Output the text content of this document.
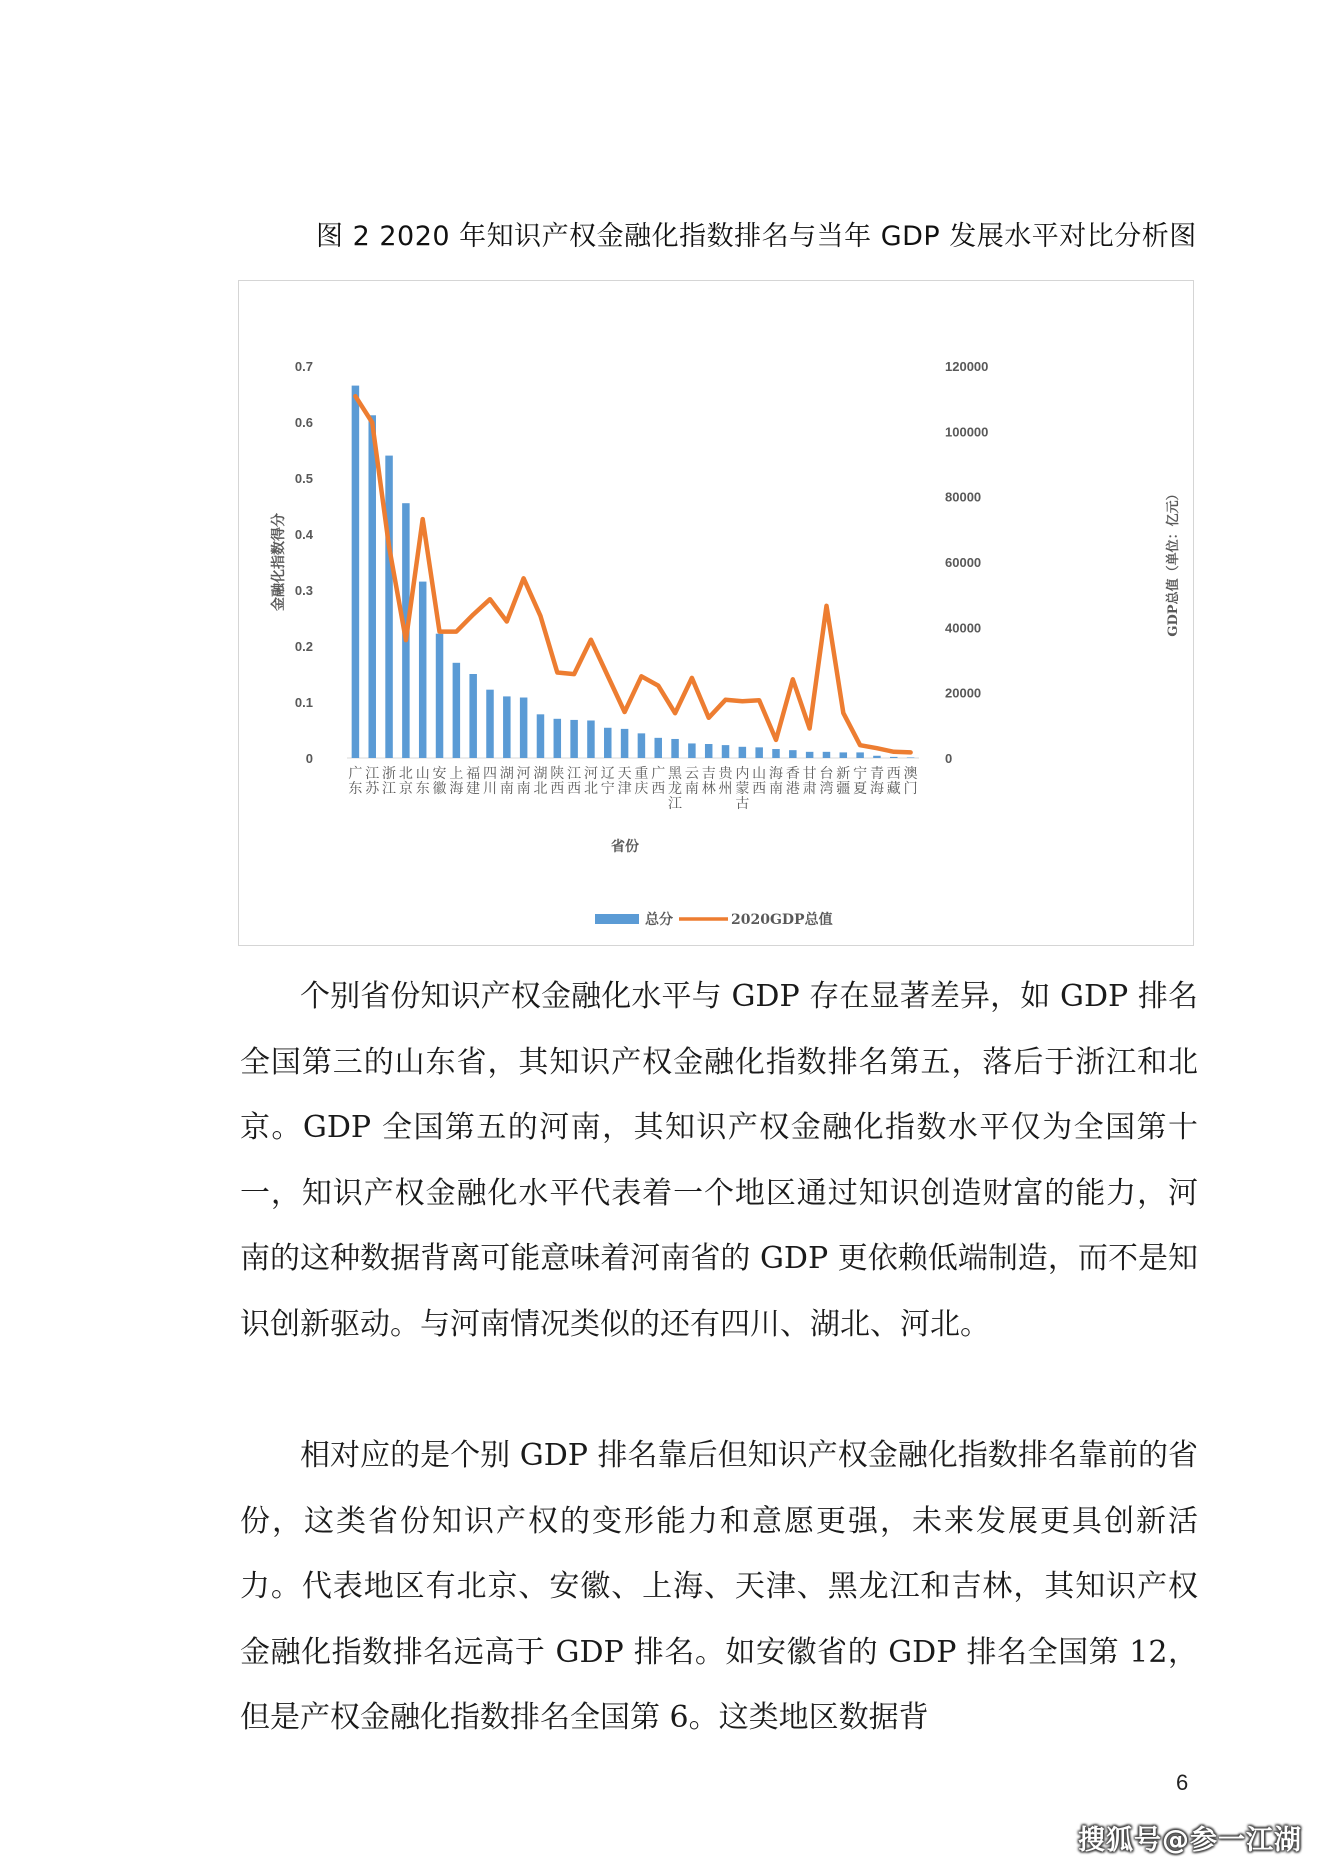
图 2 2020 年知识产权金融化指数排名与当年 GDP 发展水平对比分析图
0
0.1
0.2
0.3
0.4
0.5
0.6
0.7
0
20000
40000
60000
80000
100000
120000
广东
江苏
浙江
北京
山东
安徽
上海
福建
四川
湖南
河南
湖北
陕西
江西
河北
辽宁
天津
重庆
广西
黑龙江
云南
吉林
贵州
内蒙古
山西
海南
香港
甘肃
台湾
新疆
宁夏
青海
西藏
澳门
省份
金融化指数得分	GDP总值（单位：亿元）
总分	2020GDP总值

个别省份知识产权金融化水平与 GDP 存在显著差异，如 GDP 排名全国第三的山东省，其知识产权金融化指数排名第五，落后于浙江和北京。GDP 全国第五的河南，其知识产权金融化指数水平仅为全国第十一，知识产权金融化水平代表着一个地区通过知识创造财富的能力，河南的这种数据背离可能意味着河南省的 GDP 更依赖低端制造，而不是知识创新驱动。与河南情况类似的还有四川、湖北、河北。

相对应的是个别 GDP 排名靠后但知识产权金融化指数排名靠前的省份，这类省份知识产权的变形能力和意愿更强，未来发展更具创新活力。代表地区有北京、安徽、上海、天津、黑龙江和吉林，其知识产权金融化指数排名远高于 GDP 排名。如安徽省的 GDP 排名全国第 12，但是产权金融化指数排名全国第 6。这类地区数据背

6
搜狐号@参一江湖
